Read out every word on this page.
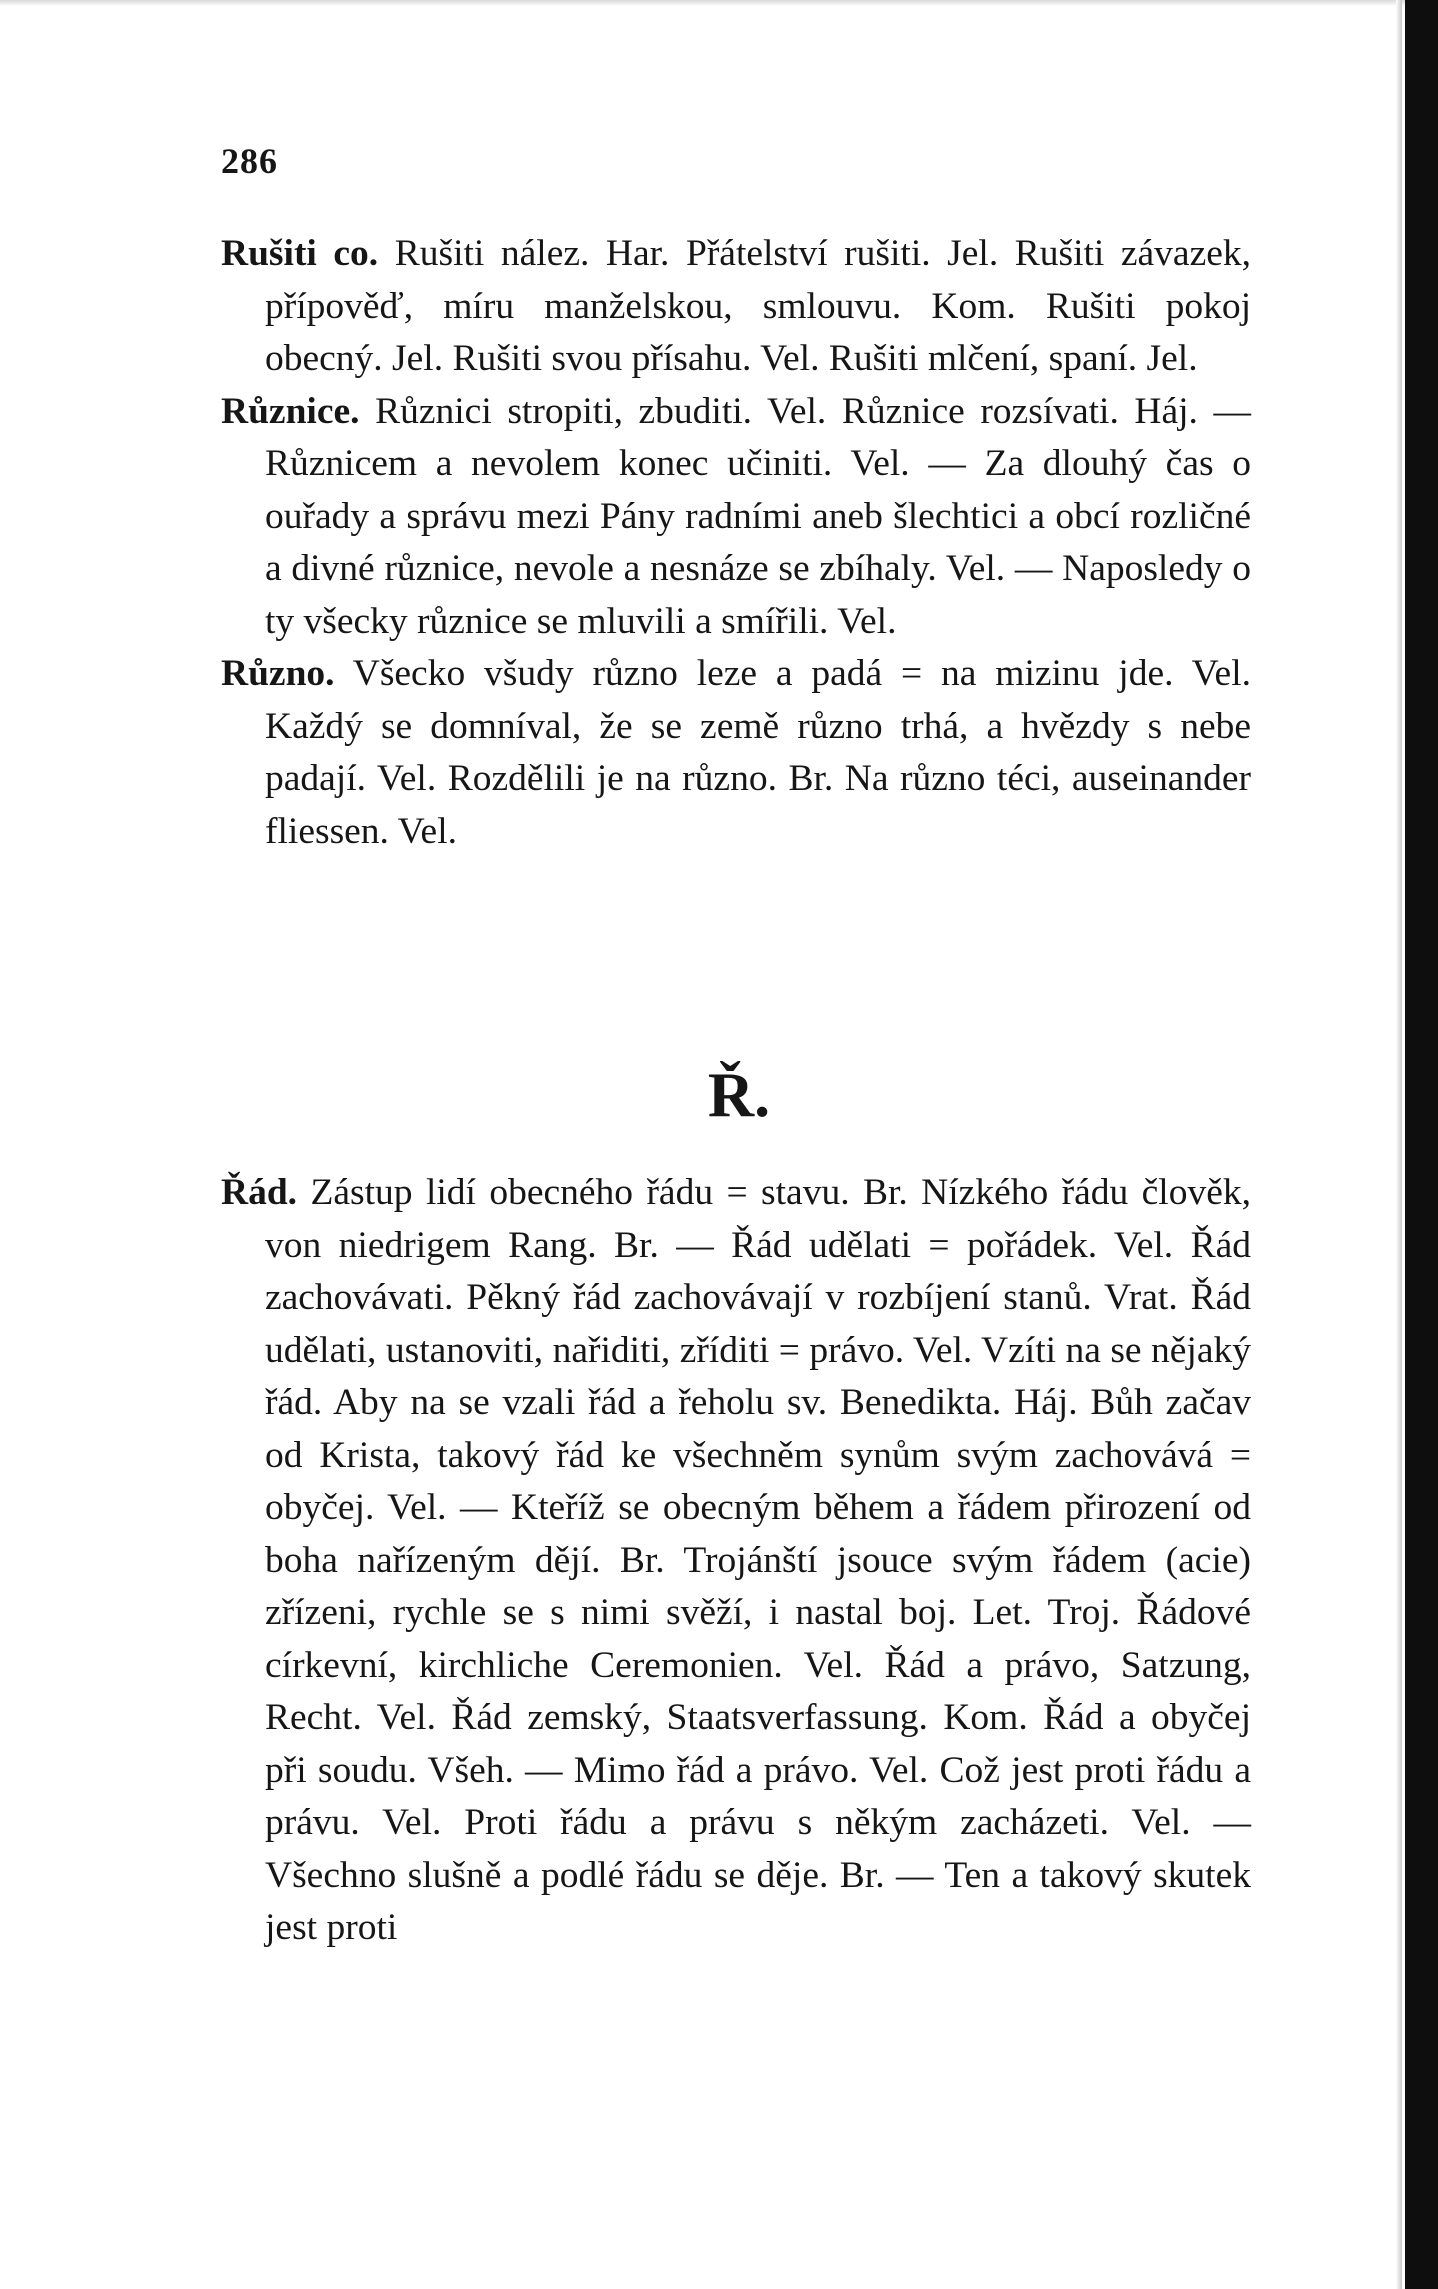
286

Rušiti co. Rušiti nález. Har. Přátelství rušiti. Jel. Rušiti závazek, přípověď, míru manželskou, smlouvu. Kom. Rušiti pokoj obecný. Jel. Rušiti svou přísahu. Vel. Rušiti mlčení, spaní. Jel.

Různice. Různici stropiti, zbuditi. Vel. Různice rozsívati. Háj. — Různicem a nevolem konec učiniti. Vel. — Za dlouhý čas o ouřady a správu mezi Pány radními aneb šlechtici a obcí rozličné a divné různice, nevole a nesnáze se zbíhaly. Vel. — Naposledy o ty všecky různice se mluvili a smířili. Vel.

Různo. Všecko všudy různo leze a padá = na mizinu jde. Vel. Každý se domníval, že se země různo trhá, a hvězdy s nebe padají. Vel. Rozdělili je na různo. Br. Na různo téci, auseinander fliessen. Vel.

Ř.

Řád. Zástup lidí obecného řádu = stavu. Br. Nízkého řádu člověk, von niedrigem Rang. Br. — Řád udělati = pořádek. Vel. Řád zachovávati. Pěkný řád zachovávají v rozbíjení stanů. Vrat. Řád udělati, ustanoviti, nařiditi, zříditi = právo. Vel. Vzíti na se nějaký řád. Aby na se vzali řád a řeholu sv. Benedikta. Háj. Bůh začav od Krista, takový řád ke všechněm synům svým zachovává = obyčej. Vel. — Kteříž se obecným během a řádem přirození od boha nařízeným dějí. Br. Trojánští jsouce svým řádem (acie) zřízeni, rychle se s nimi svěží, i nastal boj. Let. Troj. Řádové církevní, kirchliche Ceremonien. Vel. Řád a právo, Satzung, Recht. Vel. Řád zemský, Staatsverfassung. Kom. Řád a obyčej při soudu. Všeh. — Mimo řád a právo. Vel. Což jest proti řádu a právu. Vel. Proti řádu a právu s někým zacházeti. Vel. — Všechno slušně a podlé řádu se děje. Br. — Ten a takový skutek jest proti
